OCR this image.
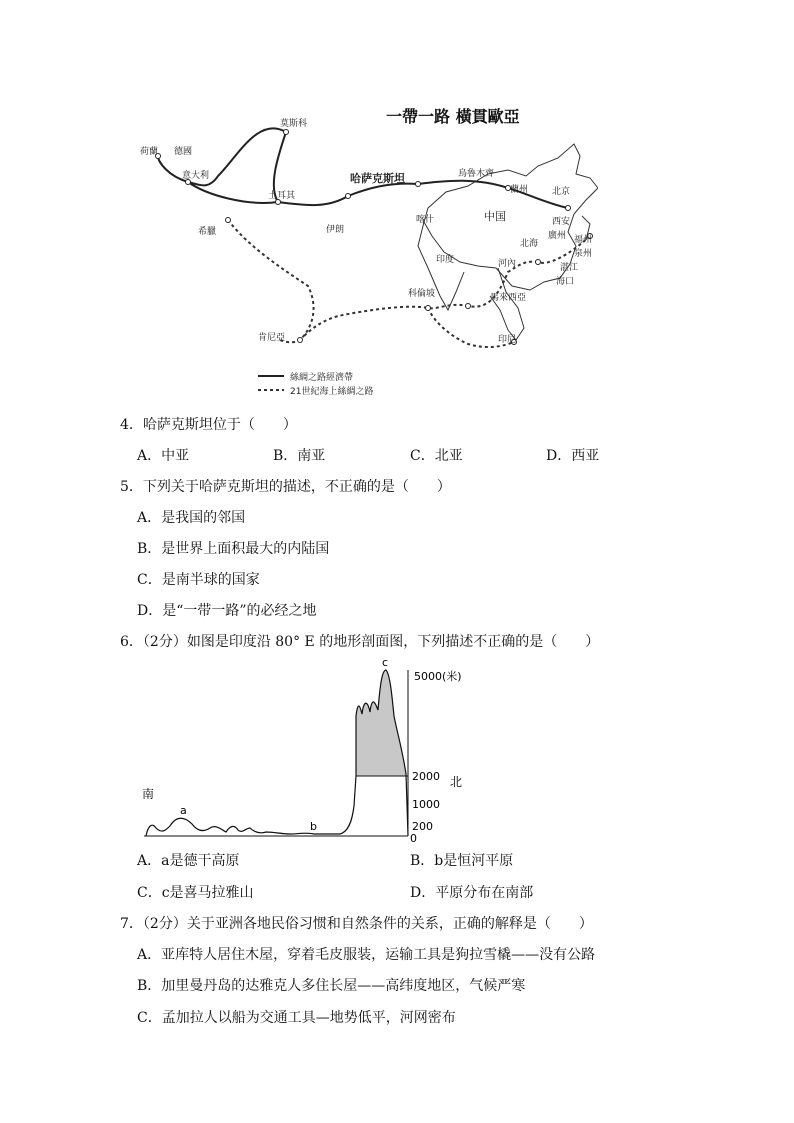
一帶一路 橫貫歐亞
莫斯科
荷蘭 德國
意大利
希臘
土耳其
伊朗
哈萨克斯坦	烏魯木齊
蘭州	北京
西安
中国
喀什
印度
北海
河內
福州
泉州
廣州
湛江
海口
科倫坡	馬來西亞
肯尼亞	印尼
絲綢之路經濟帶
21世紀海上絲綢之路
4．哈萨克斯坦位于（　　）
A．中亚	B．南亚	C．北亚	D．西亚
5．下列关于哈萨克斯坦的描述，不正确的是（　　）
A．是我国的邻国
B．是世界上面积最大的内陆国
C．是南半球的国家
D．是“一带一路”的必经之地
6．（2分）如图是印度沿 80° E 的地形剖面图，下列描述不正确的是（　　）
南
北
a
b
c
5000(米)
2000
1000
200
0
A．a是德干高原	B．b是恒河平原
C．c是喜马拉雅山	D．平原分布在南部
7．（2分）关于亚洲各地民俗习惯和自然条件的关系，正确的解释是（　　）
A．亚库特人居住木屋，穿着毛皮服装，运输工具是狗拉雪橇——没有公路
B．加里曼丹岛的达雅克人多住长屋——高纬度地区，气候严寒
C．孟加拉人以船为交通工具—地势低平，河网密布
